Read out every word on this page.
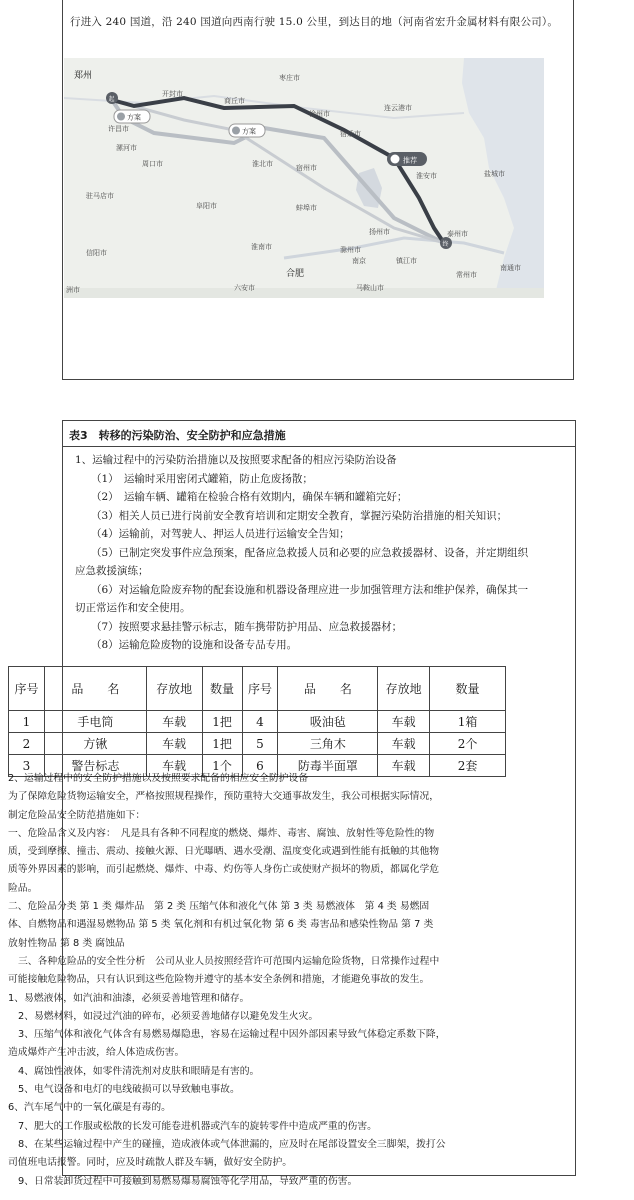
行进入 240 国道，沿 240 国道向西南行驶 15.0 公里，到达目的地（河南省宏升金属材料有限公司）。
方案
方案
推荐
起
终
郑州	枣庄市
开封市
商丘市
徐州市
连云港市
许昌市
宿迁市
漯河市
周口市	淮北市	宿州市
淮安市	盐城市
驻马店市
阜阳市	蚌埠市
信阳市
淮南市	滁州市
扬州市	泰州市
南京	镇江市
常州市
六安市
合肥
马鞍山市
南通市
洲市
表3　转移的污染防治、安全防护和应急措施
1、运输过程中的污染防治措施以及按照要求配备的相应污染防治设备
（1）　运输时采用密闭式罐箱，防止危废扬散；
（2）　运输车辆、罐箱在检验合格有效期内，确保车辆和罐箱完好；
（3）相关人员已进行岗前安全教育培训和定期安全教育，掌握污染防治措施的相关知识；
（4）运输前，对驾驶人、押运人员进行运输安全告知；
（5）已制定突发事件应急预案，配备应急救援人员和必要的应急救援器材、设备，并定期组织
应急救援演练；
（6）对运输危险废弃物的配套设施和机器设备理应进一步加强管理方法和维护保养，确保其一
切正常运作和安全使用。
（7）按照要求悬挂警示标志，随车携带防护用品、应急救援器材；
（8）运输危险废物的设施和设备专品专用。
序号	品　　名	存放地	数量	序号	品　　名	存放地	数量
1	手电筒	车载	1把	4	吸油毡	车载	1箱
2	方锹	车载	1把	5	三角木	车载	2个
3	警告标志	车载	1个	6	防毒半面罩	车载	2套

2、运输过程中的安全防护措施以及按照要求配备的相应安全防护设备

为了保障危险货物运输安全，严格按照规程操作，预防重特大交通事故发生，我公司根据实际情况，

制定危险品安全防范措施如下：

一、危险品含义及内容：　凡是具有各种不同程度的燃烧、爆炸、毒害、腐蚀、放射性等危险性的物

质，受到摩擦、撞击、震动、接触火源、日光曝晒、遇水受潮、温度变化或遇到性能有抵触的其他物

质等外界因素的影响，而引起燃烧、爆炸、中毒、灼伤等人身伤亡或使财产损坏的物质，都属化学危

险品。

二、危险品分类 第 1 类 爆炸品　第 2 类 压缩气体和液化气体 第 3 类 易燃液体　第 4 类 易燃固

体、自燃物品和遇湿易燃物品 第 5 类 氧化剂和有机过氧化物 第 6 类 毒害品和感染性物品 第 7 类

放射性物品 第 8 类 腐蚀品

三、各种危险品的安全性分析　公司从业人员按照经营许可范围内运输危险货物，日常操作过程中

可能接触危险物品，只有认识到这些危险物并遵守的基本安全条例和措施，才能避免事故的发生。

1、易燃液体，如汽油和油漆，必须妥善地管理和储存。

2、易燃材料，如浸过汽油的碎布，必须妥善地储存以避免发生火灾。

3、压缩气体和液化气体含有易燃易爆隐患，容易在运输过程中因外部因素导致气体稳定系数下降，

造成爆炸产生冲击波，给人体造成伤害。

4、腐蚀性液体，如零件清洗剂对皮肤和眼睛是有害的。

5、电气设备和电灯的电线破损可以导致触电事故。

6、汽车尾气中的一氧化碳是有毒的。

7、肥大的工作服或松散的长发可能卷进机器或汽车的旋转零件中造成严重的伤害。

8、在某些运输过程中产生的碰撞，造成液体或气体泄漏的，应及时在尾部设置安全三脚架，拨打公

司值班电话报警。同时，应及时疏散人群及车辆，做好安全防护。

9、日常装卸货过程中可接触到易燃易爆易腐蚀等化学用品，导致严重的伤害。
